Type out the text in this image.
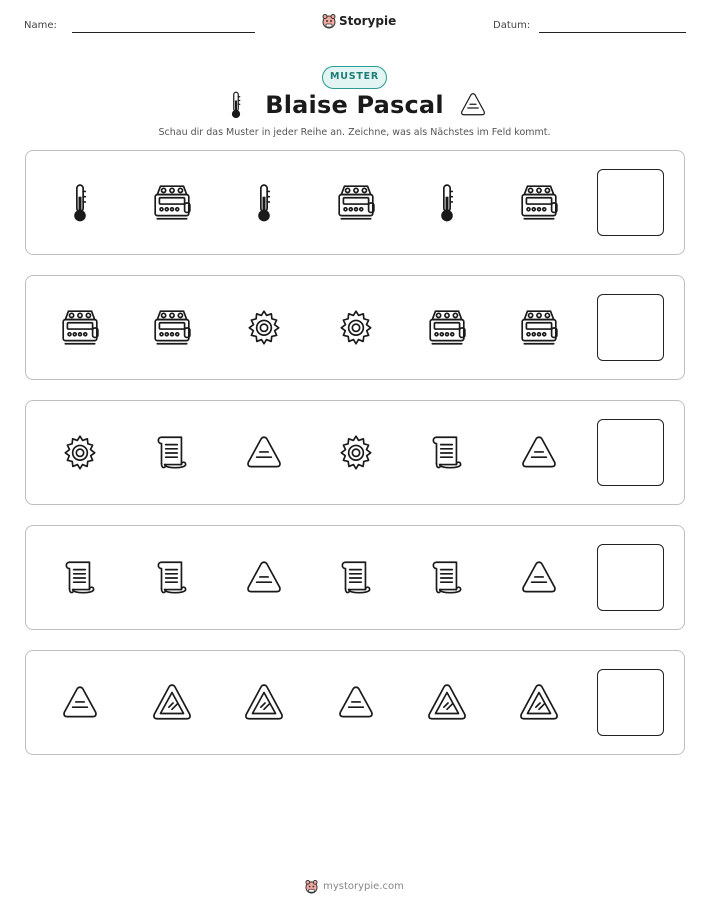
Name:	Storypie	Datum:
MUSTER
Blaise Pascal
Schau dir das Muster in jeder Reihe an. Zeichne, was als Nächstes im Feld kommt.
mystorypie.com
